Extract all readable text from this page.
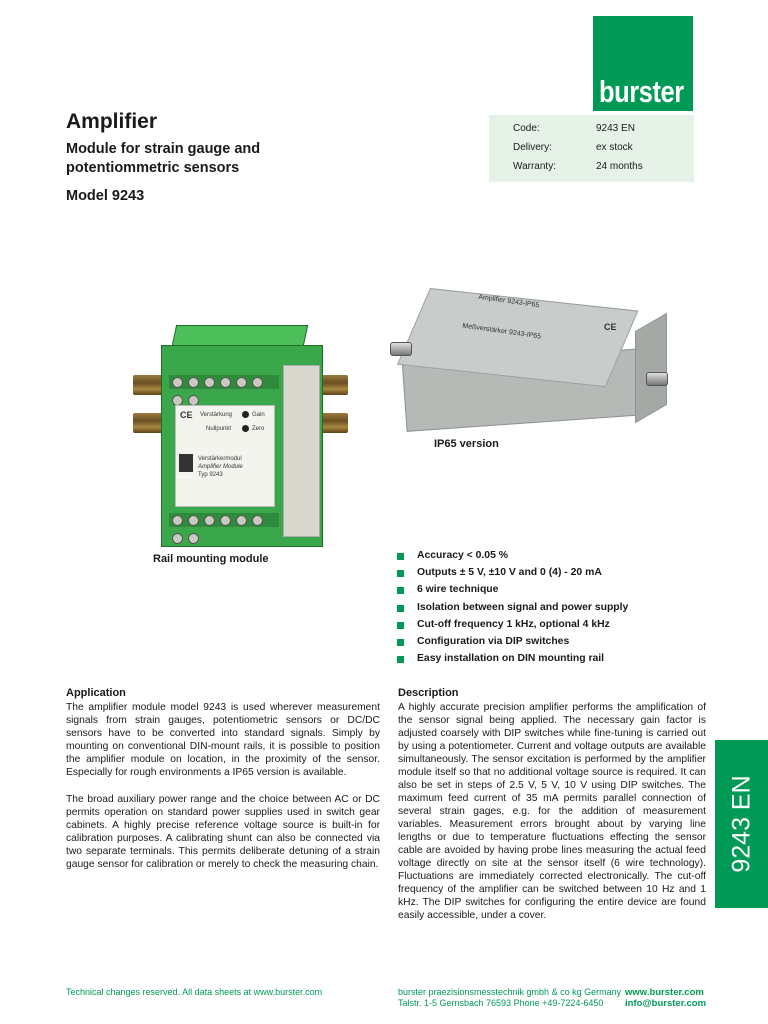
burster
Amplifier
Module for strain gauge and
potentiommetric sensors
Model 9243
Code:	9243 EN
Delivery:	ex stock
Warranty:	24 months
CE Verstärkung	Gain
Nullpunkt	Zero
burster
Verstärkermodul
Amplifier Module
Typ 9243
Amplifier 9243-IP65
Meßverstärker 9243-IP65	CE
IP65 version
Rail mounting module	Accuracy < 0.05 %
Outputs ± 5 V, ±10 V and 0 (4) - 20 mA
6 wire technique
Isolation between signal and power supply
Cut-off frequency 1 kHz, optional 4 kHz
Configuration via DIP switches
Easy installation on DIN mounting rail
Application

The amplifier module model 9243 is used wherever measurement signals from strain gauges, potentiometric sensors or DC/DC sensors have to be converted into standard signals. Simply by mounting on conventional DIN-mount rails, it is possible to position the amplifier module on location, in the proximity of the sensor. Especially for rough environments a IP65 version is available.

The broad auxiliary power range and the choice between AC or DC permits operation on standard power supplies used in switch gear cabinets. A highly precise reference voltage source is built-in for calibration purposes. A calibrating shunt can also be connected via two separate terminals. This permits deliberate detuning of a strain gauge sensor for calibration or merely to check the measuring chain.

Description

A highly accurate precision amplifier performs the amplification of the sensor signal being applied. The necessary gain factor is adjusted coarsely with DIP switches while fine-tuning is carried out by using a potentiometer. Current and voltage outputs are available simultaneously. The sensor excitation is performed by the amplifier module itself so that no additional voltage source is required. It can also be set in steps of 2.5 V, 5 V, 10 V using DIP switches. The maximum feed current of 35 mA permits parallel connection of several strain gages, e.g. for the addition of measurement variables. Measurement errors brought about by varying line lengths or due to temperature fluctuations effecting the sensor cable are avoided by having probe lines measuring the actual feed voltage directly on site at the sensor itself (6 wire technology). Fluctuations are immediately corrected electronically. The cut-off frequency of the amplifier can be switched between 10 Hz and 1 kHz. The DIP switches for configuring the entire device are found easily accessible, under a cover.

9243 EN
Technical changes reserved. All data sheets at www.burster.com	burster praezisionsmesstechnik gmbh & co kg Germany
Talstr. 1-5 Gernsbach 76593 Phone +49-7224-6450
www.burster.com
info@burster.com
